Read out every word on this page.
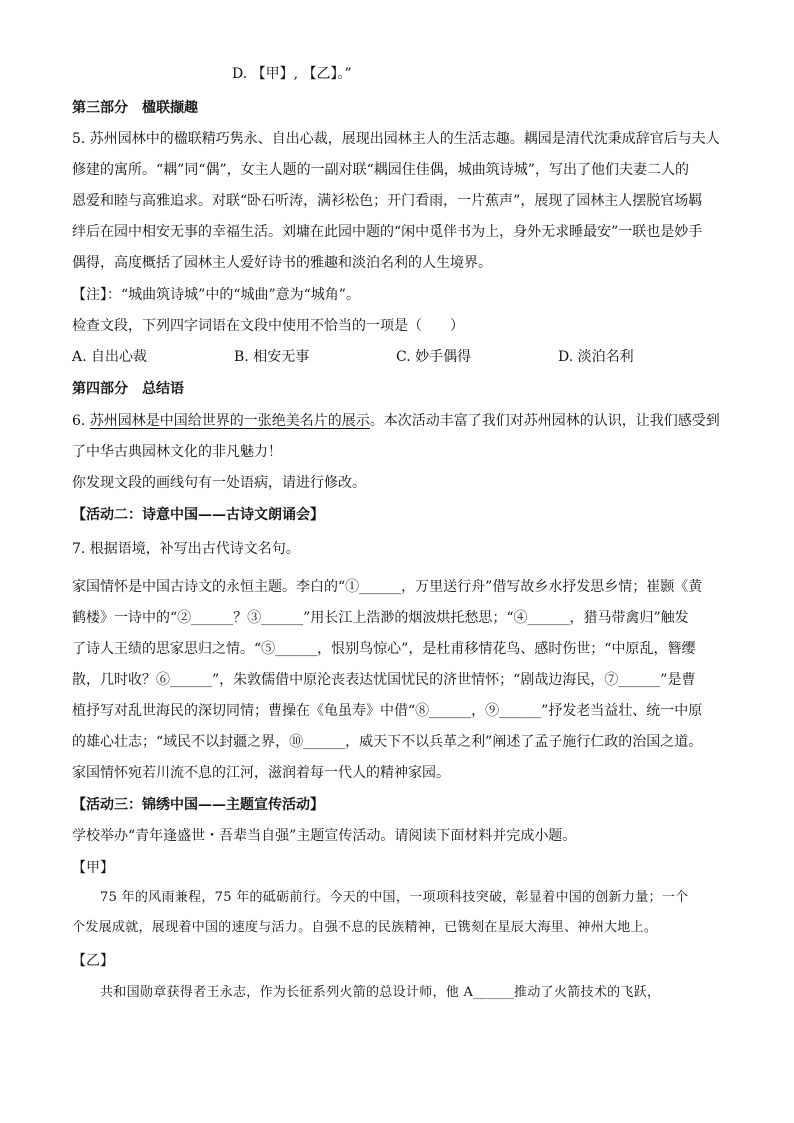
D. 【甲】, 【乙】。”
第三部分　楹联撷趣
5. 苏州园林中的楹联精巧隽永、自出心裁，展现出园林主人的生活志趣。耦园是清代沈秉成辞官后与夫人
修建的寓所。“耦”同“偶”，女主人题的一副对联“耦园住佳偶，城曲筑诗城”，写出了他们夫妻二人的
恩爱和睦与高雅追求。对联“卧石听涛，满衫松色；开门看雨，一片蕉声”，展现了园林主人摆脱官场羁
绊后在园中相安无事的幸福生活。刘墉在此园中题的“闲中觅伴书为上，身外无求睡最安”一联也是妙手
偶得，高度概括了园林主人爱好诗书的雅趣和淡泊名利的人生境界。
【注】：“城曲筑诗城”中的“城曲”意为“城角”。
检查文段，下列四字词语在文段中使用不恰当的一项是（　　）
A. 自出心裁	B. 相安无事	C. 妙手偶得	D. 淡泊名利
第四部分　总结语
6. 苏州园林是中国给世界的一张绝美名片的展示。本次活动丰富了我们对苏州园林的认识，让我们感受到
了中华古典园林文化的非凡魅力！
你发现文段的画线句有一处语病，请进行修改。
【活动二：诗意中国——古诗文朗诵会】
7. 根据语境，补写出古代诗文名句。
家国情怀是中国古诗文的永恒主题。李白的“①______，万里送行舟”借写故乡水抒发思乡情；崔颢《黄
鹤楼》一诗中的“②______？③______”用长江上浩渺的烟波烘托愁思；“④______，猎马带禽归”触发
了诗人王绩的思家思归之情。“⑤______，恨别鸟惊心”，是杜甫移情花鸟、感时伤世；“中原乱，簪缨
散，几时收？⑥______”，朱敦儒借中原沦丧表达忧国忧民的济世情怀；“剧哉边海民，⑦______”是曹
植抒写对乱世海民的深切同情；曹操在《龟虽寿》中借“⑧______，⑨______”抒发老当益壮、统一中原
的雄心壮志；“域民不以封疆之界，⑩______，威天下不以兵革之利”阐述了孟子施行仁政的治国之道。
家国情怀宛若川流不息的江河，滋润着每一代人的精神家园。
【活动三：锦绣中国——主题宣传活动】
学校举办“青年逢盛世・吾辈当自强”主题宣传活动。请阅读下面材料并完成小题。
【甲】
75 年的风雨兼程，75 年的砥砺前行。今天的中国，一项项科技突破，彰显着中国的创新力量；一个
个发展成就，展现着中国的速度与活力。自强不息的民族精神，已镌刻在星辰大海里、神州大地上。
【乙】
共和国勋章获得者王永志，作为长征系列火箭的总设计师，他 A______推动了火箭技术的飞跃，
